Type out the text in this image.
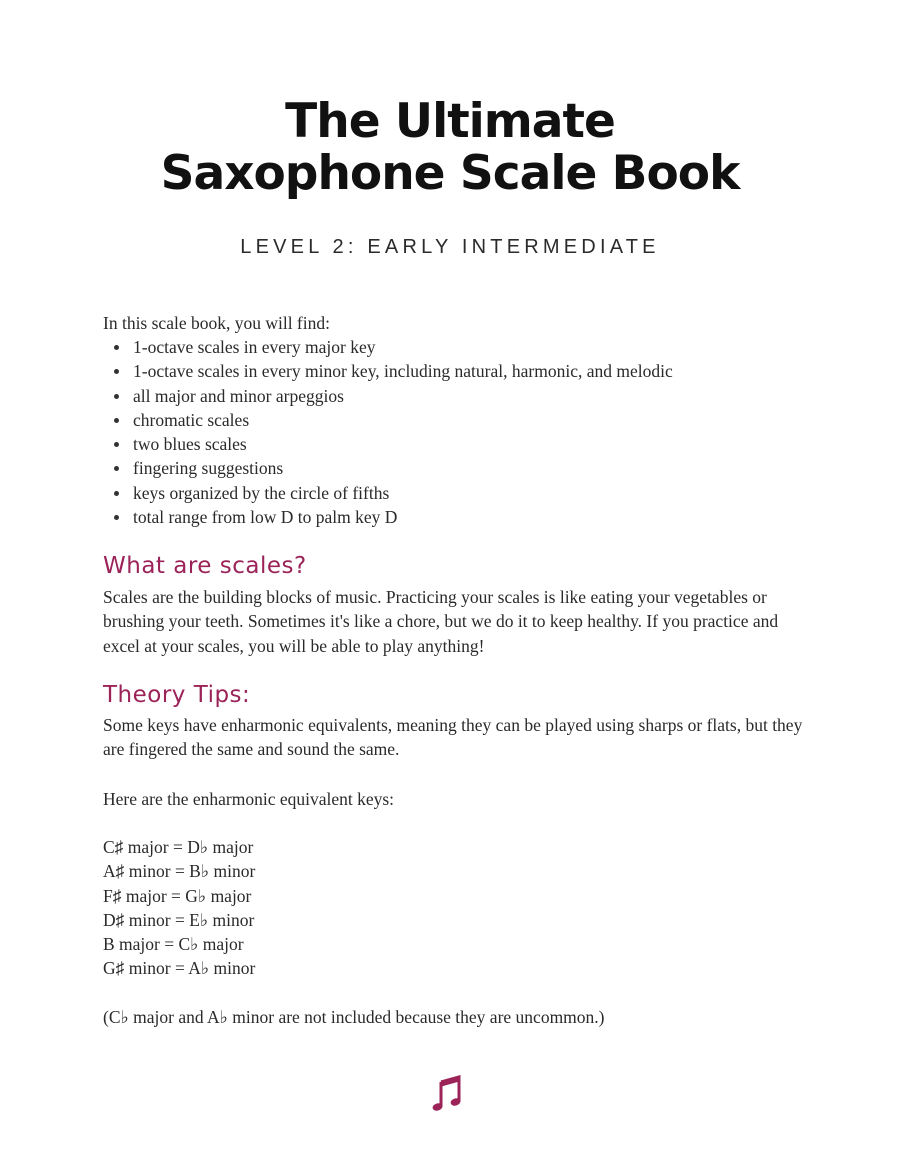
The Ultimate
Saxophone Scale Book
LEVEL 2: EARLY INTERMEDIATE
In this scale book, you will find:
1-octave scales in every major key
1-octave scales in every minor key, including natural, harmonic, and melodic
all major and minor arpeggios
chromatic scales
two blues scales
fingering suggestions
keys organized by the circle of fifths
total range from low D to palm key D
What are scales?
Scales are the building blocks of music. Practicing your scales is like eating your vegetables or brushing your teeth. Sometimes it's like a chore, but we do it to keep healthy. If you practice and excel at your scales, you will be able to play anything!
Theory Tips:
Some keys have enharmonic equivalents, meaning they can be played using sharps or flats, but they are fingered the same and sound the same.
Here are the enharmonic equivalent keys:
C♯ major = D♭ major
A♯ minor = B♭ minor
F♯ major = G♭ major
D♯ minor = E♭ minor
B major = C♭ major
G♯ minor = A♭ minor
(C♭ major and A♭ minor are not included because they are uncommon.)
